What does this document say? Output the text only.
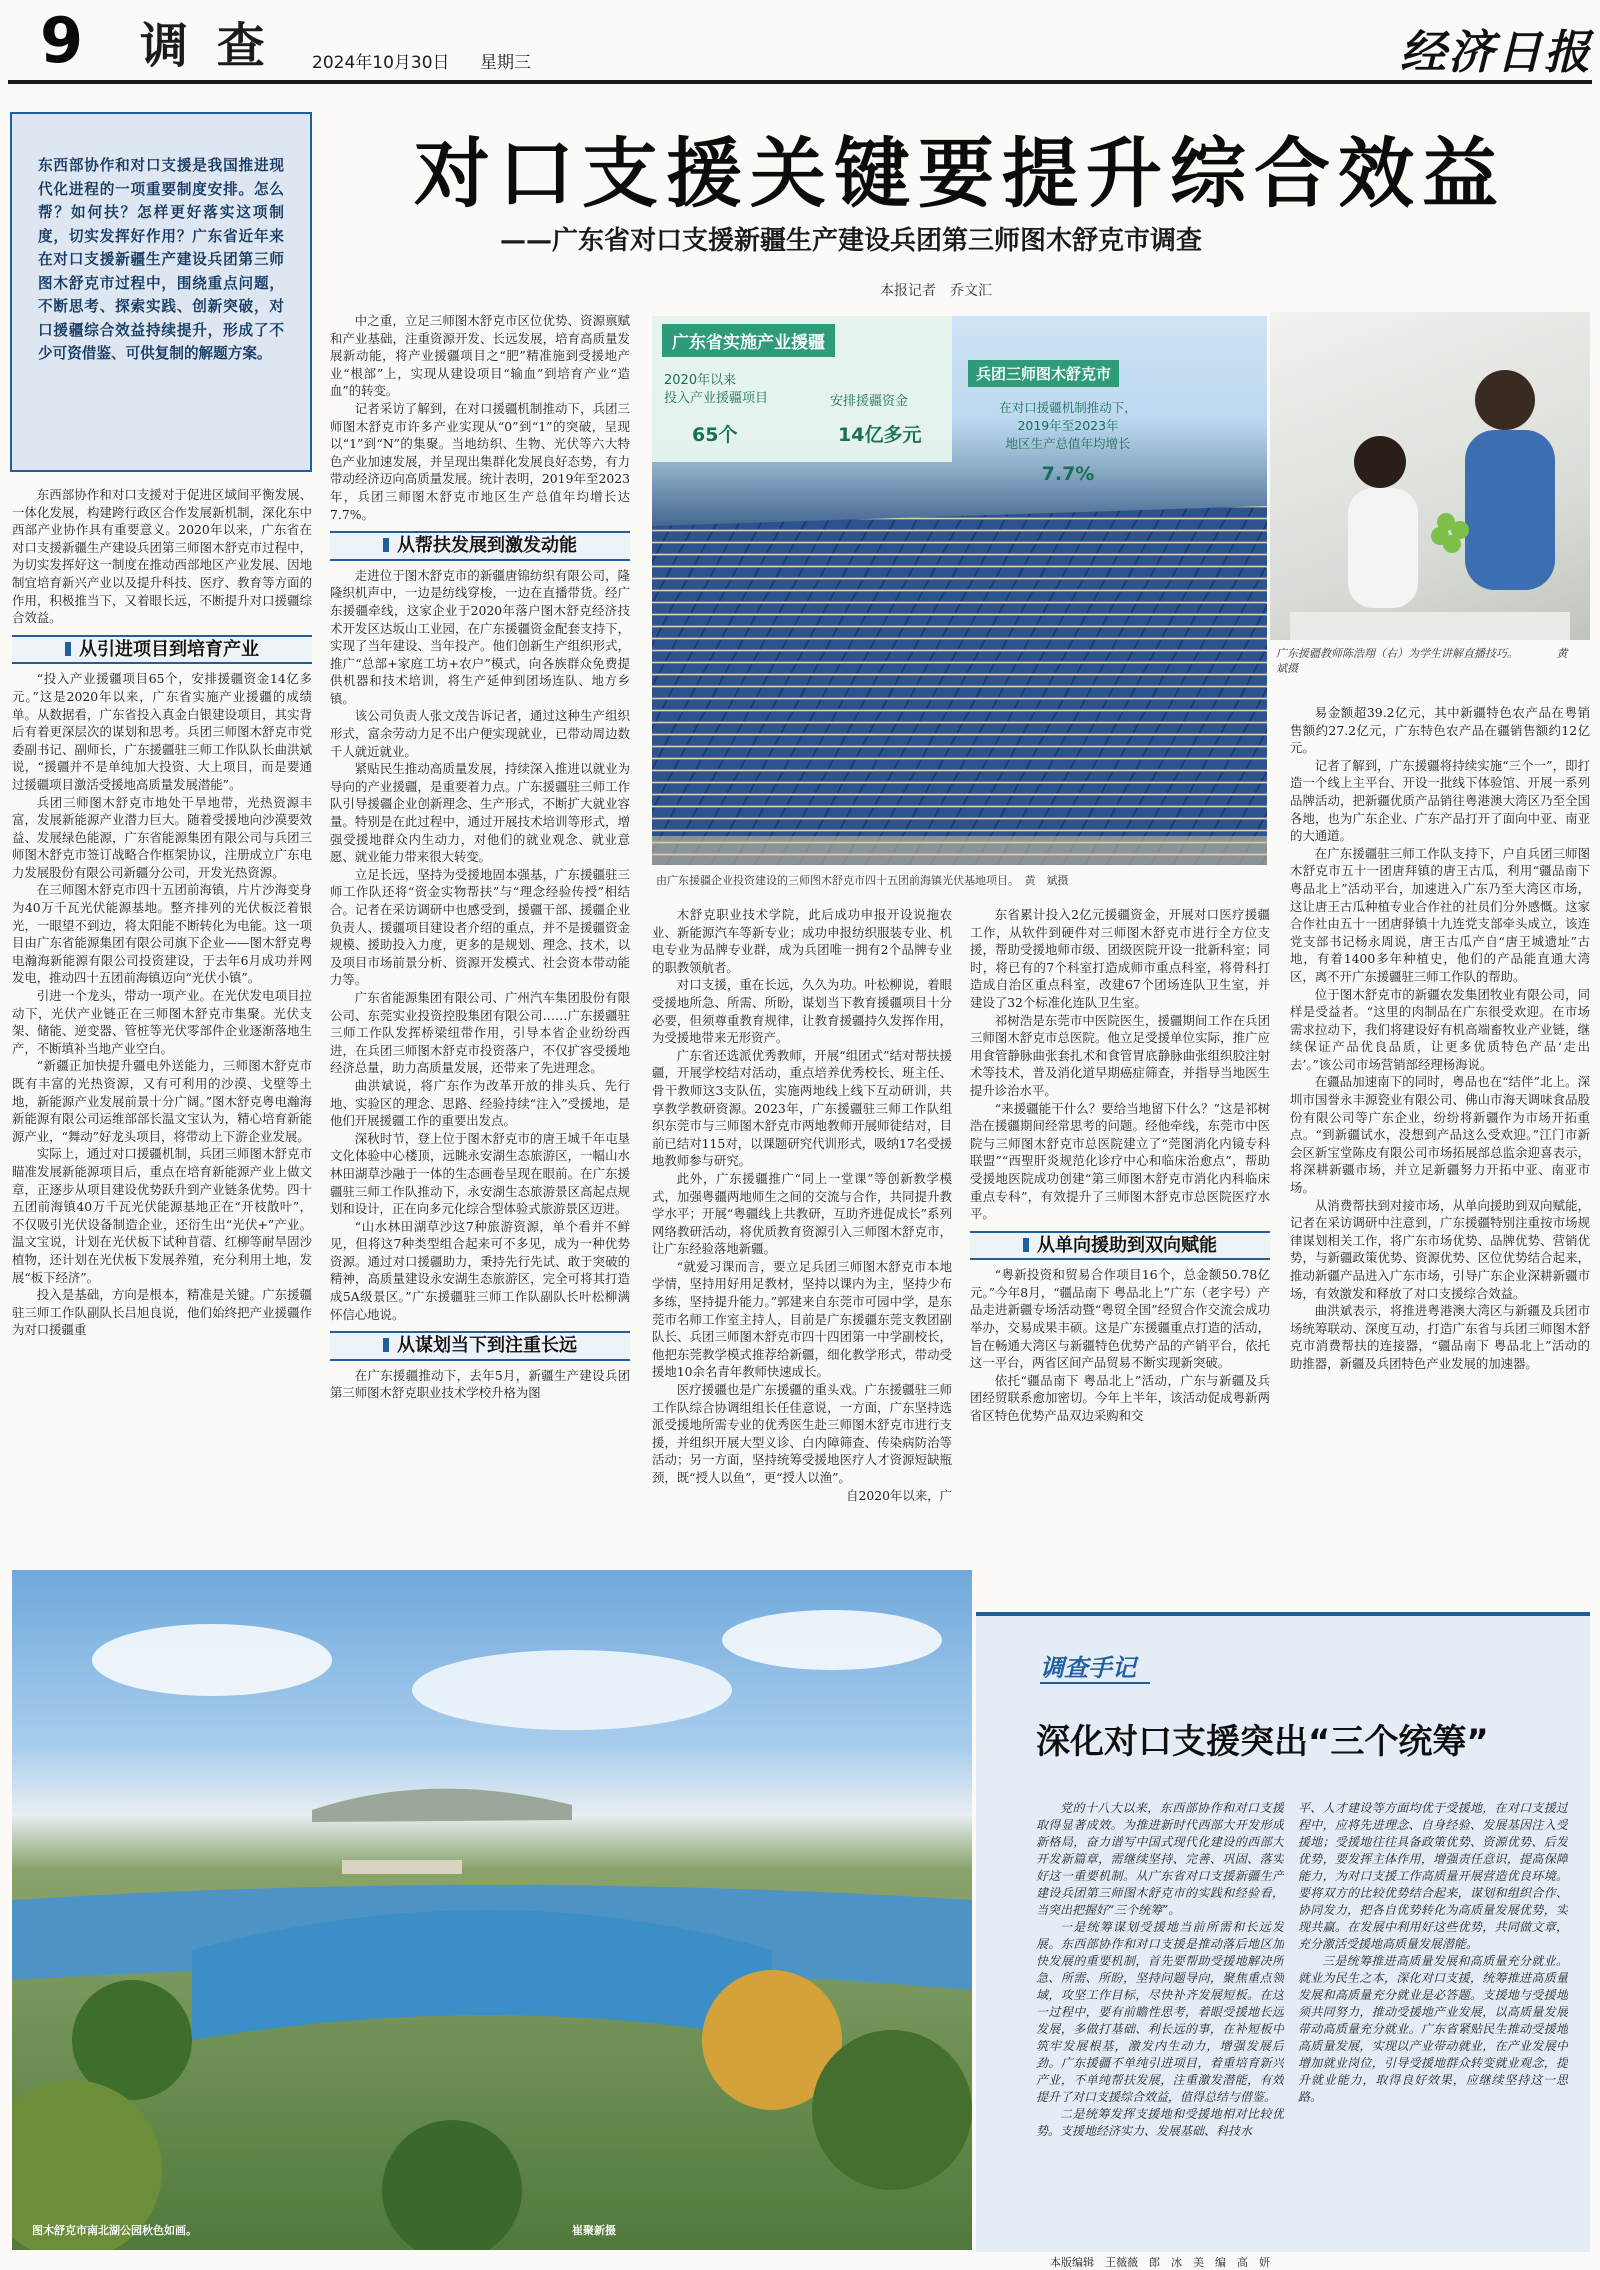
9 调 查 2024年10月30日 星期三	经济日报
东西部协作和对口支援是我国推进现代化进程的一项重要制度安排。怎么帮？如何扶？怎样更好落实这项制度，切实发挥好作用？广东省近年来在对口支援新疆生产建设兵团第三师图木舒克市过程中，围绕重点问题，不断思考、探索实践、创新突破，对口援疆综合效益持续提升，形成了不少可资借鉴、可供复制的解题方案。
对口支援关键要提升综合效益
——广东省对口支援新疆生产建设兵团第三师图木舒克市调查
本报记者　乔文汇

东西部协作和对口支援对于促进区域间平衡发展、一体化发展，构建跨行政区合作发展新机制，深化东中西部产业协作具有重要意义。2020年以来，广东省在对口支援新疆生产建设兵团第三师图木舒克市过程中，为切实发挥好这一制度在推动西部地区产业发展、因地制宜培育新兴产业以及提升科技、医疗、教育等方面的作用，积极推当下，又着眼长远，不断提升对口援疆综合效益。

从引进项目到培育产业

“投入产业援疆项目65个，安排援疆资金14亿多元。”这是2020年以来，广东省实施产业援疆的成绩单。从数据看，广东省投入真金白银建设项目，其实背后有着更深层次的谋划和思考。兵团三师图木舒克市党委副书记、副师长，广东援疆驻三师工作队队长曲洪斌说，“援疆并不是单纯加大投资、大上项目，而是要通过援疆项目激活受援地高质量发展潜能”。

兵团三师图木舒克市地处干旱地带，光热资源丰富，发展新能源产业潜力巨大。随着受援地向沙漠要效益、发展绿色能源，广东省能源集团有限公司与兵团三师图木舒克市签订战略合作框架协议，注册成立广东电力发展股份有限公司新疆分公司，开发光热资源。

在三师图木舒克市四十五团前海镇，片片沙海变身为40万千瓦光伏能源基地。整齐排列的光伏板泛着银光，一眼望不到边，将太阳能不断转化为电能。这一项目由广东省能源集团有限公司旗下企业——图木舒克粤电瀚海新能源有限公司投资建设，于去年6月成功并网发电，推动四十五团前海镇迈向“光伏小镇”。

引进一个龙头，带动一项产业。在光伏发电项目拉动下，光伏产业链正在三师图木舒克市集聚。光伏支架、储能、逆变器、管桩等光伏零部件企业逐渐落地生产，不断填补当地产业空白。

“新疆正加快提升疆电外送能力，三师图木舒克市既有丰富的光热资源，又有可利用的沙漠、戈壁等土地，新能源产业发展前景十分广阔。”图木舒克粤电瀚海新能源有限公司运维部部长温文宝认为，精心培育新能源产业，“舞动”好龙头项目，将带动上下游企业发展。

实际上，通过对口援疆机制，兵团三师图木舒克市瞄准发展新能源项目后，重点在培育新能源产业上做文章，正逐步从项目建设优势跃升到产业链条优势。四十五团前海镇40万千瓦光伏能源基地正在“开枝散叶”，不仅吸引光伏设备制造企业，还衍生出“光伏+”产业。温文宝说，计划在光伏板下试种苜蓿、红柳等耐旱固沙植物，还计划在光伏板下发展养殖，充分利用土地，发展“板下经济”。

投入是基础，方向是根本，精准是关键。广东援疆驻三师工作队副队长吕旭良说，他们始终把产业援疆作为对口援疆重

中之重，立足三师图木舒克市区位优势、资源禀赋和产业基础，注重资源开发、长远发展，培育高质量发展新动能，将产业援疆项目之“肥”精准施到受援地产业“根部”上，实现从建设项目“输血”到培育产业“造血”的转变。

记者采访了解到，在对口援疆机制推动下，兵团三师图木舒克市许多产业实现从“0”到“1”的突破，呈现以“1”到“N”的集聚。当地纺织、生物、光伏等六大特色产业加速发展，并呈现出集群化发展良好态势，有力带动经济迈向高质量发展。统计表明，2019年至2023年，兵团三师图木舒克市地区生产总值年均增长达7.7%。

从帮扶发展到激发动能

走进位于图木舒克市的新疆唐锦纺织有限公司，隆隆织机声中，一边是纺线穿梭，一边在直播带货。经广东援疆牵线，这家企业于2020年落户图木舒克经济技术开发区达坂山工业园，在广东援疆资金配套支持下，实现了当年建设、当年投产。他们创新生产组织形式，推广“总部+家庭工坊+农户”模式，向各族群众免费提供机器和技术培训，将生产延伸到团场连队、地方乡镇。

该公司负责人张文茂告诉记者，通过这种生产组织形式，富余劳动力足不出户便实现就业，已带动周边数千人就近就业。

紧贴民生推动高质量发展，持续深入推进以就业为导向的产业援疆，是重要着力点。广东援疆驻三师工作队引导援疆企业创新理念、生产形式，不断扩大就业容量。特别是在此过程中，通过开展技术培训等形式，增强受援地群众内生动力，对他们的就业观念、就业意愿、就业能力带来很大转变。

立足长远，坚持为受援地固本强基，广东援疆驻三师工作队还将“资金实物帮扶”与“理念经验传授”相结合。记者在采访调研中也感受到，援疆干部、援疆企业负责人、援疆项目建设者介绍的重点，并不是援疆资金规模、援助投入力度，更多的是规划、理念、技术，以及项目市场前景分析、资源开发模式、社会资本带动能力等。

广东省能源集团有限公司、广州汽车集团股份有限公司、东莞实业投资控股集团有限公司……广东援疆驻三师工作队发挥桥梁纽带作用，引导本省企业纷纷西进，在兵团三师图木舒克市投资落户，不仅扩容受援地经济总量，助力高质量发展，还带来了先进理念。

曲洪斌说，将广东作为改革开放的排头兵、先行地、实验区的理念、思路、经验持续“注入”受援地，是他们开展援疆工作的重要出发点。

深秋时节，登上位于图木舒克市的唐王城千年屯垦文化体验中心楼顶，远眺永安湖生态旅游区，一幅山水林田湖草沙融于一体的生态画卷呈现在眼前。在广东援疆驻三师工作队推动下，永安湖生态旅游景区高起点规划和设计，正在向多元化综合型体验式旅游景区迈进。

“山水林田湖草沙这7种旅游资源，单个看并不鲜见，但将这7种类型组合起来可不多见，成为一种优势资源。通过对口援疆助力，秉持先行先试、敢于突破的精神，高质量建设永安湖生态旅游区，完全可将其打造成5A级景区。”广东援疆驻三师工作队副队长叶松柳满怀信心地说。

从谋划当下到注重长远

在广东援疆推动下，去年5月，新疆生产建设兵团第三师图木舒克职业技术学校升格为图

广东省实施产业援疆
2020年以来
投入产业援疆项目
65个
安排援疆资金
14亿多元
兵团三师图木舒克市
在对口援疆机制推动下，
2019年至2023年
地区生产总值年均增长
7.7%
由广东援疆企业投资建设的三师图木舒克市四十五团前海镇光伏基地项目。　黄　斌摄
广东援疆教师陈浩翔（右）为学生讲解直播技巧。　　　　黄　斌摄

木舒克职业技术学院，此后成功申报开设说拖农业、新能源汽车等新专业；成功申报纺织服装专业、机电专业为品牌专业群，成为兵团唯一拥有2个品牌专业的职教领航者。

对口支援，重在长远，久久为功。叶松柳说，着眼受援地所急、所需、所盼，谋划当下教育援疆项目十分必要，但须尊重教育规律，让教育援疆持久发挥作用，为受援地带来无形资产。

广东省还选派优秀教师，开展“组团式”结对帮扶援疆，开展学校结对活动，重点培养优秀校长、班主任、骨干教师这3支队伍，实施两地线上线下互动研训，共享教学教研资源。2023年，广东援疆驻三师工作队组织东莞市与三师图木舒克市两地教师开展师徒结对，目前已结对115对，以课题研究代训形式，吸纳17名受援地教师参与研究。

此外，广东援疆推广“同上一堂课”等创新教学模式，加强粤疆两地师生之间的交流与合作，共同提升教学水平；开展“粤疆线上共教研，互助齐进促成长”系列网络教研活动，将优质教育资源引入三师图木舒克市，让广东经验落地新疆。

“就爱习课而言，要立足兵团三师图木舒克市本地学情，坚持用好用足教材，坚持以课内为主，坚持少布多练，坚持提升能力。”郭建来自东莞市可园中学，是东莞市名师工作室主持人，目前是广东援疆东莞支教团副队长、兵团三师图木舒克市四十四团第一中学副校长，他把东莞教学模式推荐给新疆，细化教学形式，带动受援地10余名青年教师快速成长。

医疗援疆也是广东援疆的重头戏。广东援疆驻三师工作队综合协调组组长任佳意说，一方面，广东坚持选派受援地所需专业的优秀医生赴三师图木舒克市进行支援，并组织开展大型义诊、白内障筛查、传染病防治等活动；另一方面，坚持统筹受援地医疗人才资源短缺瓶颈，既“授人以鱼”，更“授人以渔”。

自2020年以来，广

东省累计投入2亿元援疆资金，开展对口医疗援疆工作，从软件到硬件对三师图木舒克市进行全方位支援，帮助受援地师市级、团级医院开设一批新科室；同时，将已有的7个科室打造成师市重点科室，将骨科打造成自治区重点科室，改建67个团场连队卫生室，并建设了32个标准化连队卫生室。

祁树浩是东莞市中医院医生，援疆期间工作在兵团三师图木舒克市总医院。他立足受援单位实际，推广应用食管静脉曲张套扎术和食管胃底静脉曲张组织胶注射术等技术，普及消化道早期癌症筛查，并指导当地医生提升诊治水平。

“来援疆能干什么？要给当地留下什么？”这是祁树浩在援疆期间经常思考的问题。经他牵线，东莞市中医院与三师图木舒克市总医院建立了“莞图消化内镜专科联盟”“西聖肝炎规范化诊疗中心和临床治愈点”，帮助受援地医院成功创建“第三师图木舒克市消化内科临床重点专科”，有效提升了三师图木舒克市总医院医疗水平。

从单向援助到双向赋能

“粤新投资和贸易合作项目16个，总金额50.78亿元。”今年8月，“疆品南下 粤品北上”广东（老字号）产品走进新疆专场活动暨“粤贸全国”经贸合作交流会成功举办，交易成果丰硕。这是广东援疆重点打造的活动，旨在畅通大湾区与新疆特色优势产品的产销平台，依托这一平台，两省区间产品贸易不断实现新突破。

依托“疆品南下 粤品北上”活动，广东与新疆及兵团经贸联系愈加密切。今年上半年，该活动促成粤新两省区特色优势产品双边采购和交

易金额超39.2亿元，其中新疆特色农产品在粤销售额约27.2亿元，广东特色农产品在疆销售额约12亿元。

记者了解到，广东援疆将持续实施“三个一”，即打造一个线上主平台、开设一批线下体验馆、开展一系列品牌活动，把新疆优质产品销往粤港澳大湾区乃至全国各地，也为广东企业、广东产品打开了面向中亚、南亚的大通道。

在广东援疆驻三师工作队支持下，户自兵团三师图木舒克市五十一团唐拜镇的唐王古瓜，利用“疆品南下 粤品北上”活动平台，加速进入广东乃至大湾区市场，这让唐王古瓜种植专业合作社的社员们分外感慨。这家合作社由五十一团唐驿镇十九连党支部牵头成立，该连党支部书记杨永周说，唐王古瓜产自“唐王城遗址”古地，有着1400多年种植史，他们的产品能直通大湾区，离不开广东援疆驻三师工作队的帮助。

位于图木舒克市的新疆农发集团牧业有限公司，同样是受益者。“这里的肉制品在广东很受欢迎。在市场需求拉动下，我们将建设好有机高端畜牧业产业链，继续保证产品优良品质，让更多优质特色产品‘走出去’。”该公司市场营销部经理杨海说。

在疆品加速南下的同时，粤品也在“结伴”北上。深圳市国誉永丰源瓷业有限公司、佛山市海天调味食品股份有限公司等广东企业，纷纷将新疆作为市场开拓重点。“到新疆试水，没想到产品这么受欢迎。”江门市新会区新宝堂陈皮有限公司市场拓展部总监余迎喜表示，将深耕新疆市场，并立足新疆努力开拓中亚、南亚市场。

从消费帮扶到对接市场，从单向援助到双向赋能，记者在采访调研中注意到，广东援疆特别注重按市场规律谋划相关工作，将广东市场优势、品牌优势、营销优势，与新疆政策优势、资源优势、区位优势结合起来，推动新疆产品进入广东市场，引导广东企业深耕新疆市场，有效激发和释放了对口支援综合效益。

曲洪斌表示，将推进粤港澳大湾区与新疆及兵团市场统筹联动、深度互动，打造广东省与兵团三师图木舒克市消费帮扶的连接器，“疆品南下 粤品北上”活动的助推器，新疆及兵团特色产业发展的加速器。

图木舒克市南北湖公园秋色如画。	崔聚新摄
调查手记
深化对口支援突出“三个统筹”

党的十八大以来，东西部协作和对口支援取得显著成效。为推进新时代西部大开发形成新格局，奋力谱写中国式现代化建设的西部大开发新篇章，需继续坚持、完善、巩固、落实好这一重要机制。从广东省对口支援新疆生产建设兵团第三师图木舒克市的实践和经验看，当突出把握好“三个统筹”。

一是统筹谋划受援地当前所需和长远发展。东西部协作和对口支援是推动落后地区加快发展的重要机制，首先要帮助受援地解决所急、所需、所盼，坚持问题导向，聚焦重点领域，攻坚工作目标，尽快补齐发展短板。在这一过程中，要有前瞻性思考，着眼受援地长远发展，多做打基础、利长远的事，在补短板中筑牢发展根基，激发内生动力，增强发展后劲。广东援疆不单纯引进项目，着重培育新兴产业，不单纯帮扶发展，注重激发潜能，有效提升了对口支援综合效益，值得总结与借鉴。

二是统筹发挥支援地和受援地相对比较优势。支援地经济实力、发展基础、科技水

平、人才建设等方面均优于受援地，在对口支援过程中，应将先进理念、自身经验、发展基因注入受援地；受援地往往具备政策优势、资源优势、后发优势，要发挥主体作用，增强责任意识，提高保障能力，为对口支援工作高质量开展营造优良环境。要将双方的比较优势结合起来，谋划和组织合作、协同发力，把各自优势转化为高质量发展优势，实现共赢。在发展中利用好这些优势，共同做文章，充分激活受援地高质量发展潜能。

三是统筹推进高质量发展和高质量充分就业。就业为民生之本，深化对口支援，统筹推进高质量发展和高质量充分就业是必答题。支援地与受援地须共同努力，推动受援地产业发展，以高质量发展带动高质量充分就业。广东省紧贴民生推动受援地高质量发展，实现以产业带动就业，在产业发展中增加就业岗位，引导受援地群众转变就业观念，提升就业能力，取得良好效果，应继续坚持这一思路。

本版编辑　王薇薇　郎　冰　美　编　高　妍
